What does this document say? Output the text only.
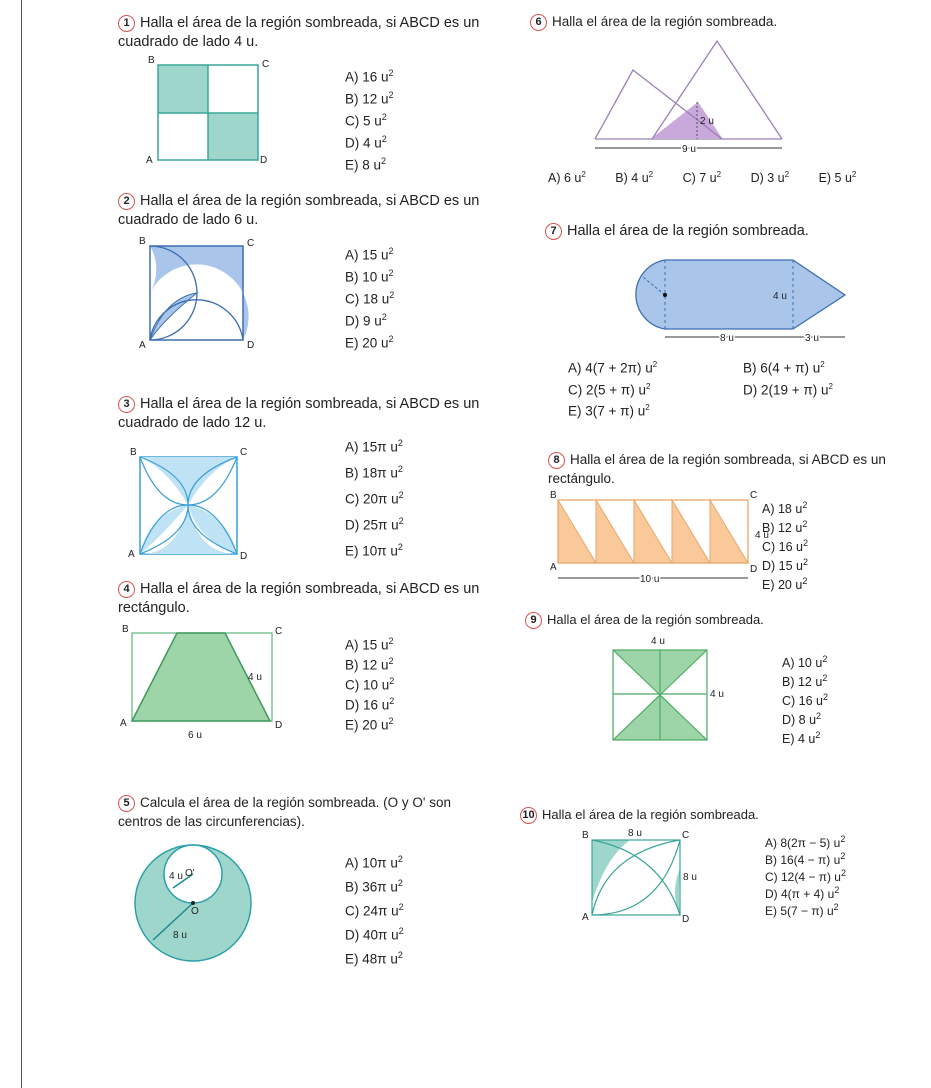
1 Halla el área de la región sombreada, si ABCD es un cuadrado de lado 4 u.
B	C
A	D
A) 16 $u^2$
B) 12 $u^2$
C) 5 $u^2$
D) 4 $u^2$
E) 8 $u^2$
2 Halla el área de la región sombreada, si ABCD es un cuadrado de lado 6 u.
B	C
A	D
A) 15 $u^2$
B) 10 $u^2$
C) 18 $u^2$
D) 9 $u^2$
E) 20 $u^2$
3 Halla el área de la región sombreada, si ABCD es un cuadrado de lado 12 u.
B	C
A	D
A) 15π $u^2$
B) 18π $u^2$
C) 20π $u^2$
D) 25π $u^2$
E) 10π $u^2$
4 Halla el área de la región sombreada, si ABCD es un rectángulo.
B	C
A	D
4 u
6 u
A) 15 $u^2$
B) 12 $u^2$
C) 10 $u^2$
D) 16 $u^2$
E) 20 $u^2$
5 Calcula el área de la región sombreada. (O y O' son centros de las circunferencias).
4 u O'
O
8 u
A) 10π $u^2$
B) 36π $u^2$
C) 24π $u^2$
D) 40π $u^2$
E) 48π $u^2$
6 Halla el área de la región sombreada.
2 u
9 u
A) 6 $u^2$ B) 4 $u^2$ C) 7 $u^2$ D) 3 $u^2$ E) 5 $u^2$
7 Halla el área de la región sombreada.
4 u
8 u	3 u
A) 4(7 + 2π) $u^2$	B) 6(4 + π) $u^2$
C) 2(5 + π) $u^2$	D) 2(19 + π) $u^2$
E) 3(7 + π) $u^2$
8 Halla el área de la región sombreada, si ABCD es un rectángulo.
B	C
A	D
4 u
10 u
A) 18 $u^2$
B) 12 $u^2$
C) 16 $u^2$
D) 15 $u^2$
E) 20 $u^2$
9 Halla el área de la región sombreada.
4 u
4 u
A) 10 $u^2$
B) 12 $u^2$
C) 16 $u^2$
D) 8 $u^2$
E) 4 $u^2$
10 Halla el área de la región sombreada.
B	8 u	C
8 u
A	D
A) 8(2π − 5) $u^2$
B) 16(4 − π) $u^2$
C) 12(4 − π) $u^2$
D) 4(π + 4) $u^2$
E) 5(7 − π) $u^2$
